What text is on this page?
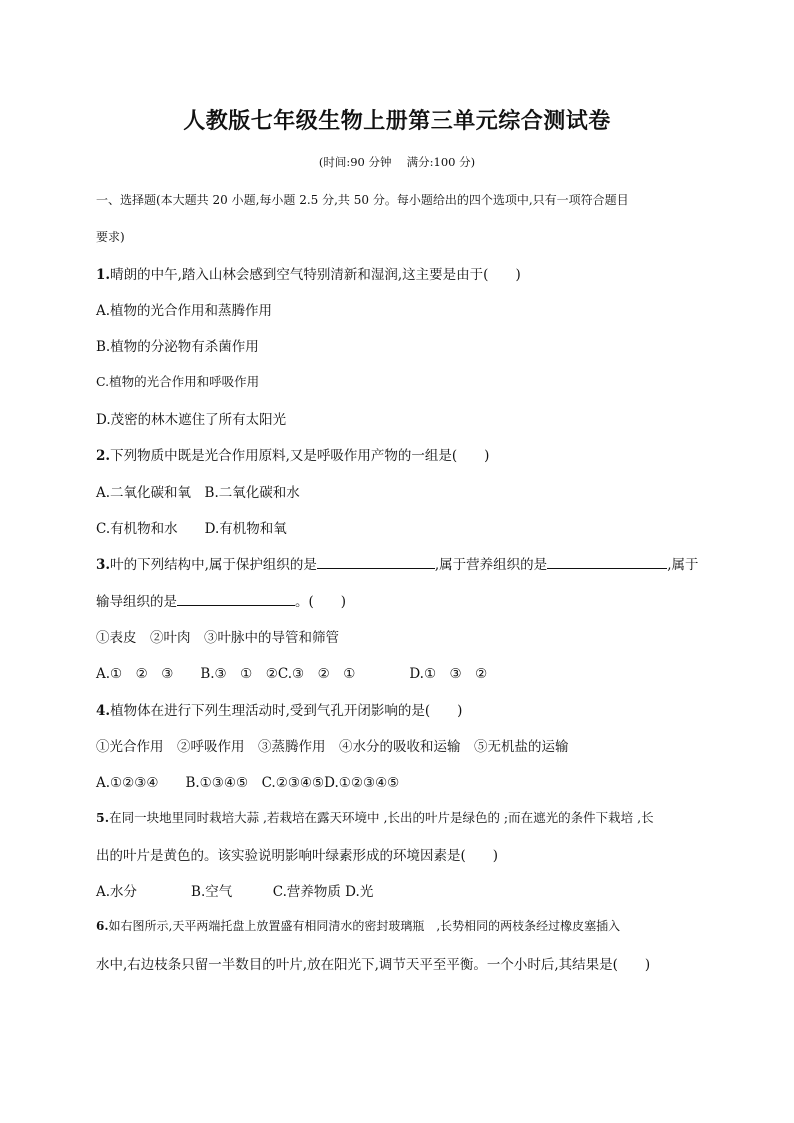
人教版七年级生物上册第三单元综合测试卷
(时间:90 分钟　 满分:100 分)
一、选择题(本大题共 20 小题,每小题 2.5 分,共 50 分。每小题给出的四个选项中,只有一项符合题目
要求)
1.晴朗的中午,踏入山林会感到空气特别清新和湿润,这主要是由于(　　)
A.植物的光合作用和蒸腾作用
B.植物的分泌物有杀菌作用
C.植物的光合作用和呼吸作用
D.茂密的林木遮住了所有太阳光
2.下列物质中既是光合作用原料,又是呼吸作用产物的一组是(　　)
A.二氧化碳和氧　B.二氧化碳和水
C.有机物和水　　D.有机物和氧
3.叶的下列结构中,属于保护组织的是	,属于营养组织的是	,属于
输导组织的是	。(　　)
①表皮　②叶肉　③叶脉中的导管和筛管
A.①　②　③　　B.③　①　②C.③　②　①　　　　D.①　③　②
4.植物体在进行下列生理活动时,受到气孔开闭影响的是(　　)
①光合作用　②呼吸作用　③蒸腾作用　④水分的吸收和运输　⑤无机盐的运输
A.①②③④　　B.①③④⑤　C.②③④⑤D.①②③④⑤
5.在同一块地里同时栽培大蒜 ,若栽培在露天环境中 ,长出的叶片是绿色的 ;而在遮光的条件下栽培 ,长
出的叶片是黄色的。该实验说明影响叶绿素形成的环境因素是(　　)
A.水分　　　　B.空气　　　C.营养物质 D.光
6.如右图所示,天平两端托盘上放置盛有相同清水的密封玻璃瓶　,长势相同的两枝条经过橡皮塞插入
水中,右边枝条只留一半数目的叶片,放在阳光下,调节天平至平衡。一个小时后,其结果是(　　)
